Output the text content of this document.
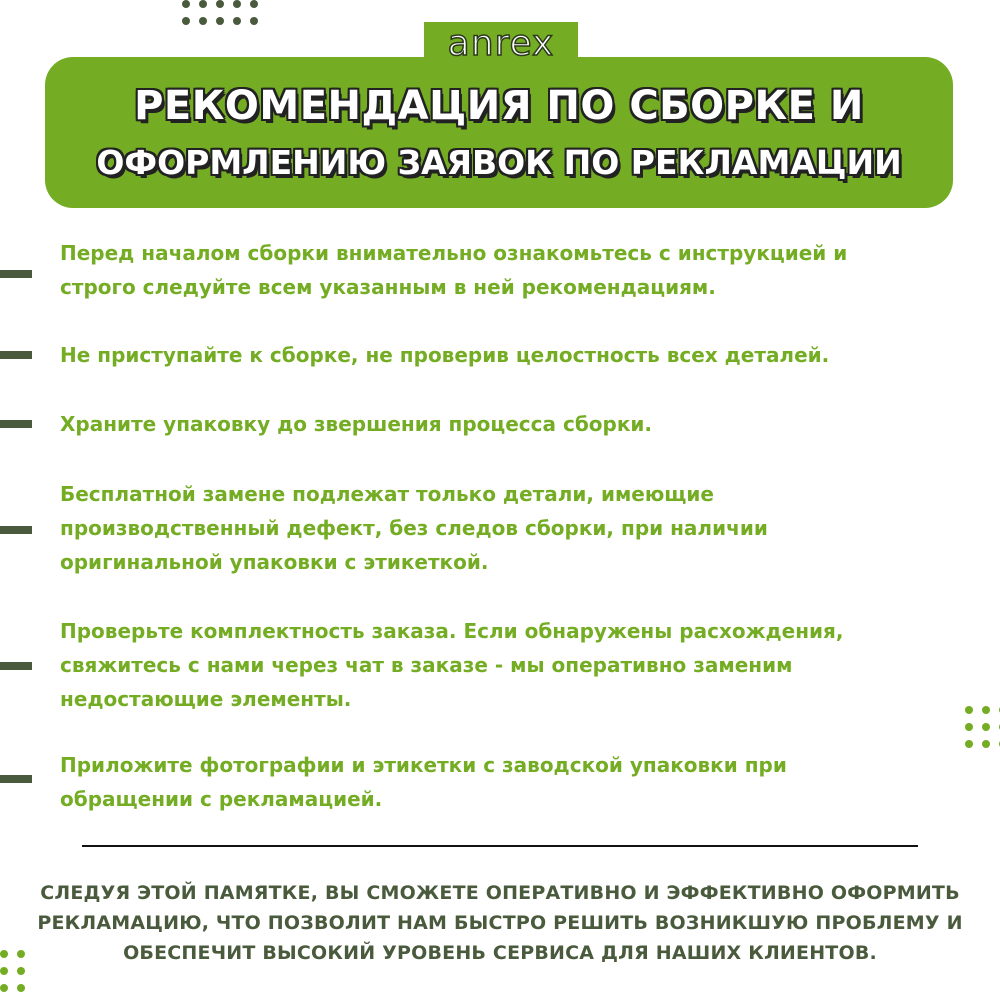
РЕКОМЕНДАЦИЯ ПО СБОРКЕ И
ОФОРМЛЕНИЮ ЗАЯВОК ПО РЕКЛАМАЦИИ
anrex

Перед началом сборки внимательно ознакомьтесь с инструкцией и

строго следуйте всем указанным в ней рекомендациям.

Не приступайте к сборке, не проверив целостность всех деталей.

Храните упаковку до звершения процесса сборки.

Бесплатной замене подлежат только детали, имеющие

производственный дефект, без следов сборки, при наличии

оригинальной упаковки с этикеткой.

Проверьте комплектность заказа. Если обнаружены расхождения,

свяжитесь с нами через чат в заказе - мы оперативно заменим

недостающие элементы.

Приложите фотографии и этикетки с заводской упаковки при

обращении с рекламацией.

СЛЕДУЯ ЭТОЙ ПАМЯТКЕ, ВЫ СМОЖЕТЕ ОПЕРАТИВНО И ЭФФЕКТИВНО ОФОРМИТЬ

РЕКЛАМАЦИЮ, ЧТО ПОЗВОЛИТ НАМ БЫСТРО РЕШИТЬ ВОЗНИКШУЮ ПРОБЛЕМУ И

ОБЕСПЕЧИТ ВЫСОКИЙ УРОВЕНЬ СЕРВИСА ДЛЯ НАШИХ КЛИЕНТОВ.
